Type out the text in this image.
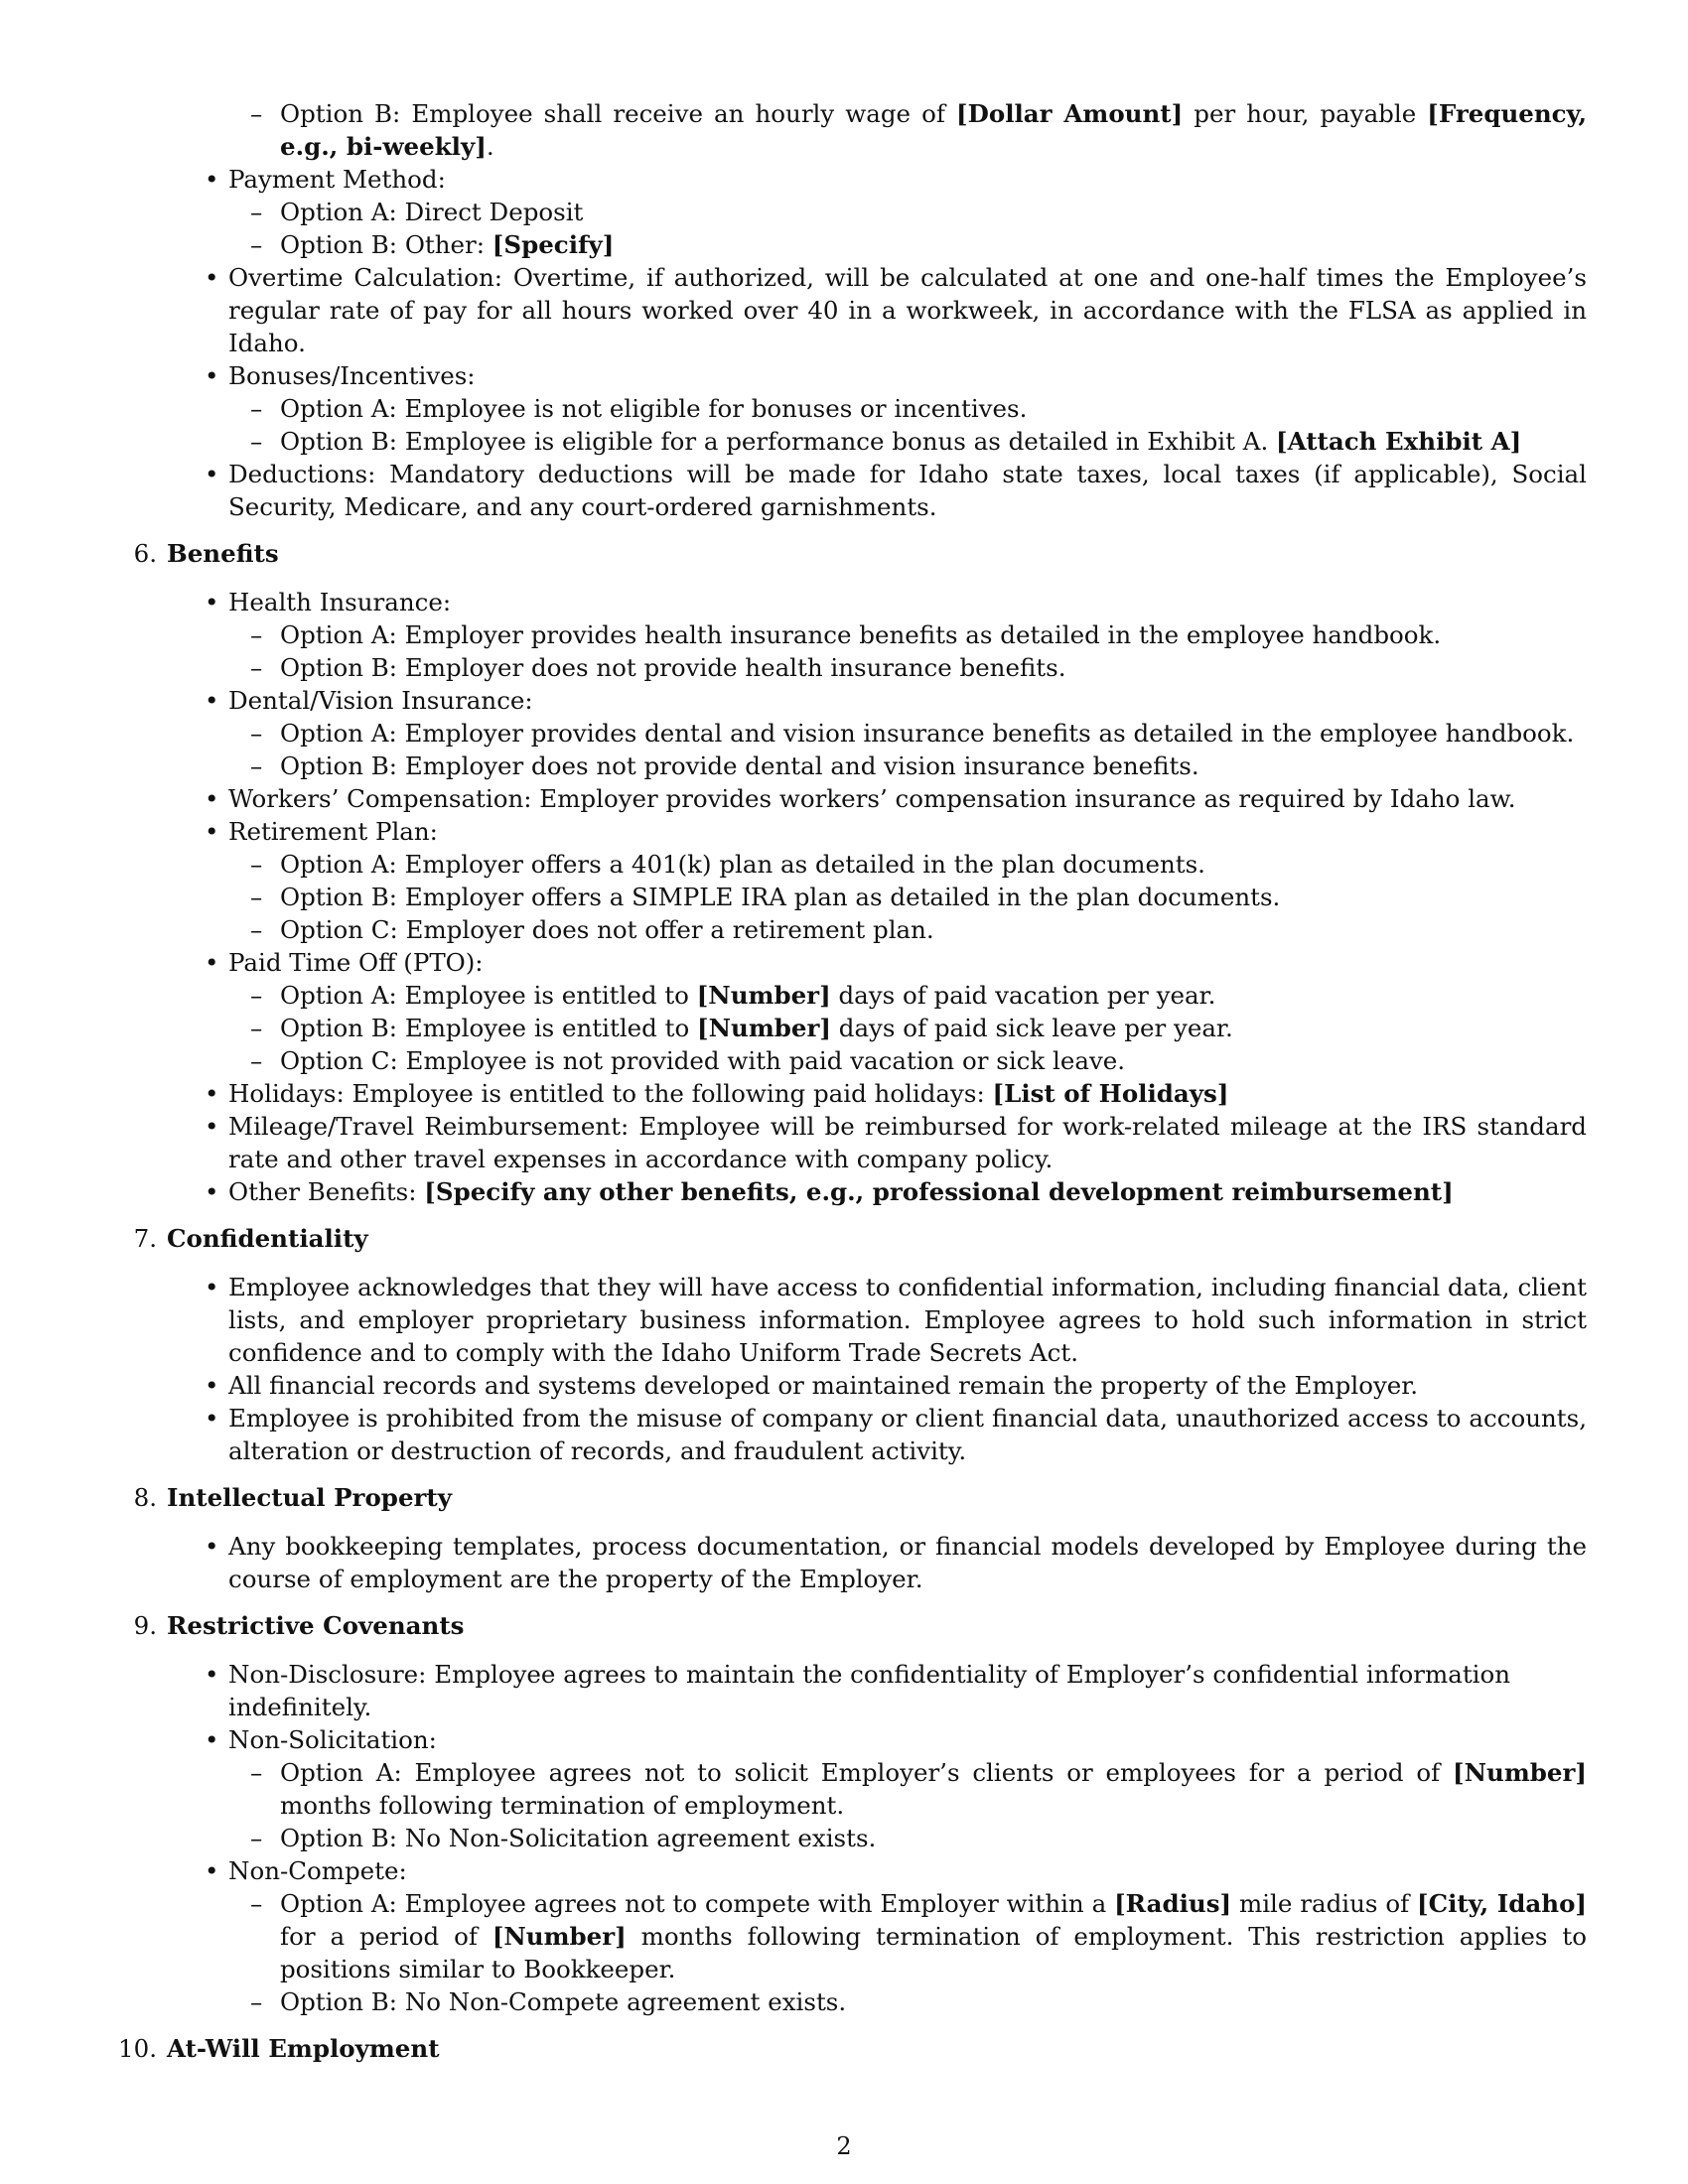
– Option B: Employee shall receive an hourly wage of [Dollar Amount] per hour, payable [Frequency, e.g., bi-weekly].
• Payment Method:
– Option A: Direct Deposit
– Option B: Other: [Specify]
• Overtime Calculation: Overtime, if authorized, will be calculated at one and one-half times the Employee’s regular rate of pay for all hours worked over 40 in a workweek, in accordance with the FLSA as applied in Idaho.
• Bonuses/Incentives:
– Option A: Employee is not eligible for bonuses or incentives.
– Option B: Employee is eligible for a performance bonus as detailed in Exhibit A. [Attach Exhibit A]
• Deductions: Mandatory deductions will be made for Idaho state taxes, local taxes (if applicable), Social Security, Medicare, and any court-ordered garnishments.
6. Benefits
• Health Insurance:
– Option A: Employer provides health insurance benefits as detailed in the employee handbook.
– Option B: Employer does not provide health insurance benefits.
• Dental/Vision Insurance:
– Option A: Employer provides dental and vision insurance benefits as detailed in the employee handbook.
– Option B: Employer does not provide dental and vision insurance benefits.
• Workers’ Compensation: Employer provides workers’ compensation insurance as required by Idaho law.
• Retirement Plan:
– Option A: Employer offers a 401(k) plan as detailed in the plan documents.
– Option B: Employer offers a SIMPLE IRA plan as detailed in the plan documents.
– Option C: Employer does not offer a retirement plan.
• Paid Time Off (PTO):
– Option A: Employee is entitled to [Number] days of paid vacation per year.
– Option B: Employee is entitled to [Number] days of paid sick leave per year.
– Option C: Employee is not provided with paid vacation or sick leave.
• Holidays: Employee is entitled to the following paid holidays: [List of Holidays]
• Mileage/Travel Reimbursement: Employee will be reimbursed for work-related mileage at the IRS standard rate and other travel expenses in accordance with company policy.
• Other Benefits: [Specify any other benefits, e.g., professional development reimbursement]
7. Confidentiality
• Employee acknowledges that they will have access to confidential information, including financial data, client lists, and employer proprietary business information. Employee agrees to hold such information in strict confidence and to comply with the Idaho Uniform Trade Secrets Act.
• All financial records and systems developed or maintained remain the property of the Employer.
• Employee is prohibited from the misuse of company or client financial data, unauthorized access to accounts, alteration or destruction of records, and fraudulent activity.
8. Intellectual Property
• Any bookkeeping templates, process documentation, or financial models developed by Employee during the course of employment are the property of the Employer.
9. Restrictive Covenants
• Non-Disclosure: Employee agrees to maintain the confidentiality of Employer’s confidential information indefinitely.
• Non-Solicitation:
– Option A: Employee agrees not to solicit Employer’s clients or employees for a period of [Number] months following termination of employment.
– Option B: No Non-Solicitation agreement exists.
• Non-Compete:
– Option A: Employee agrees not to compete with Employer within a [Radius] mile radius of [City, Idaho] for a period of [Number] months following termination of employment. This restriction applies to positions similar to Bookkeeper.
– Option B: No Non-Compete agreement exists.
10. At-Will Employment
2
